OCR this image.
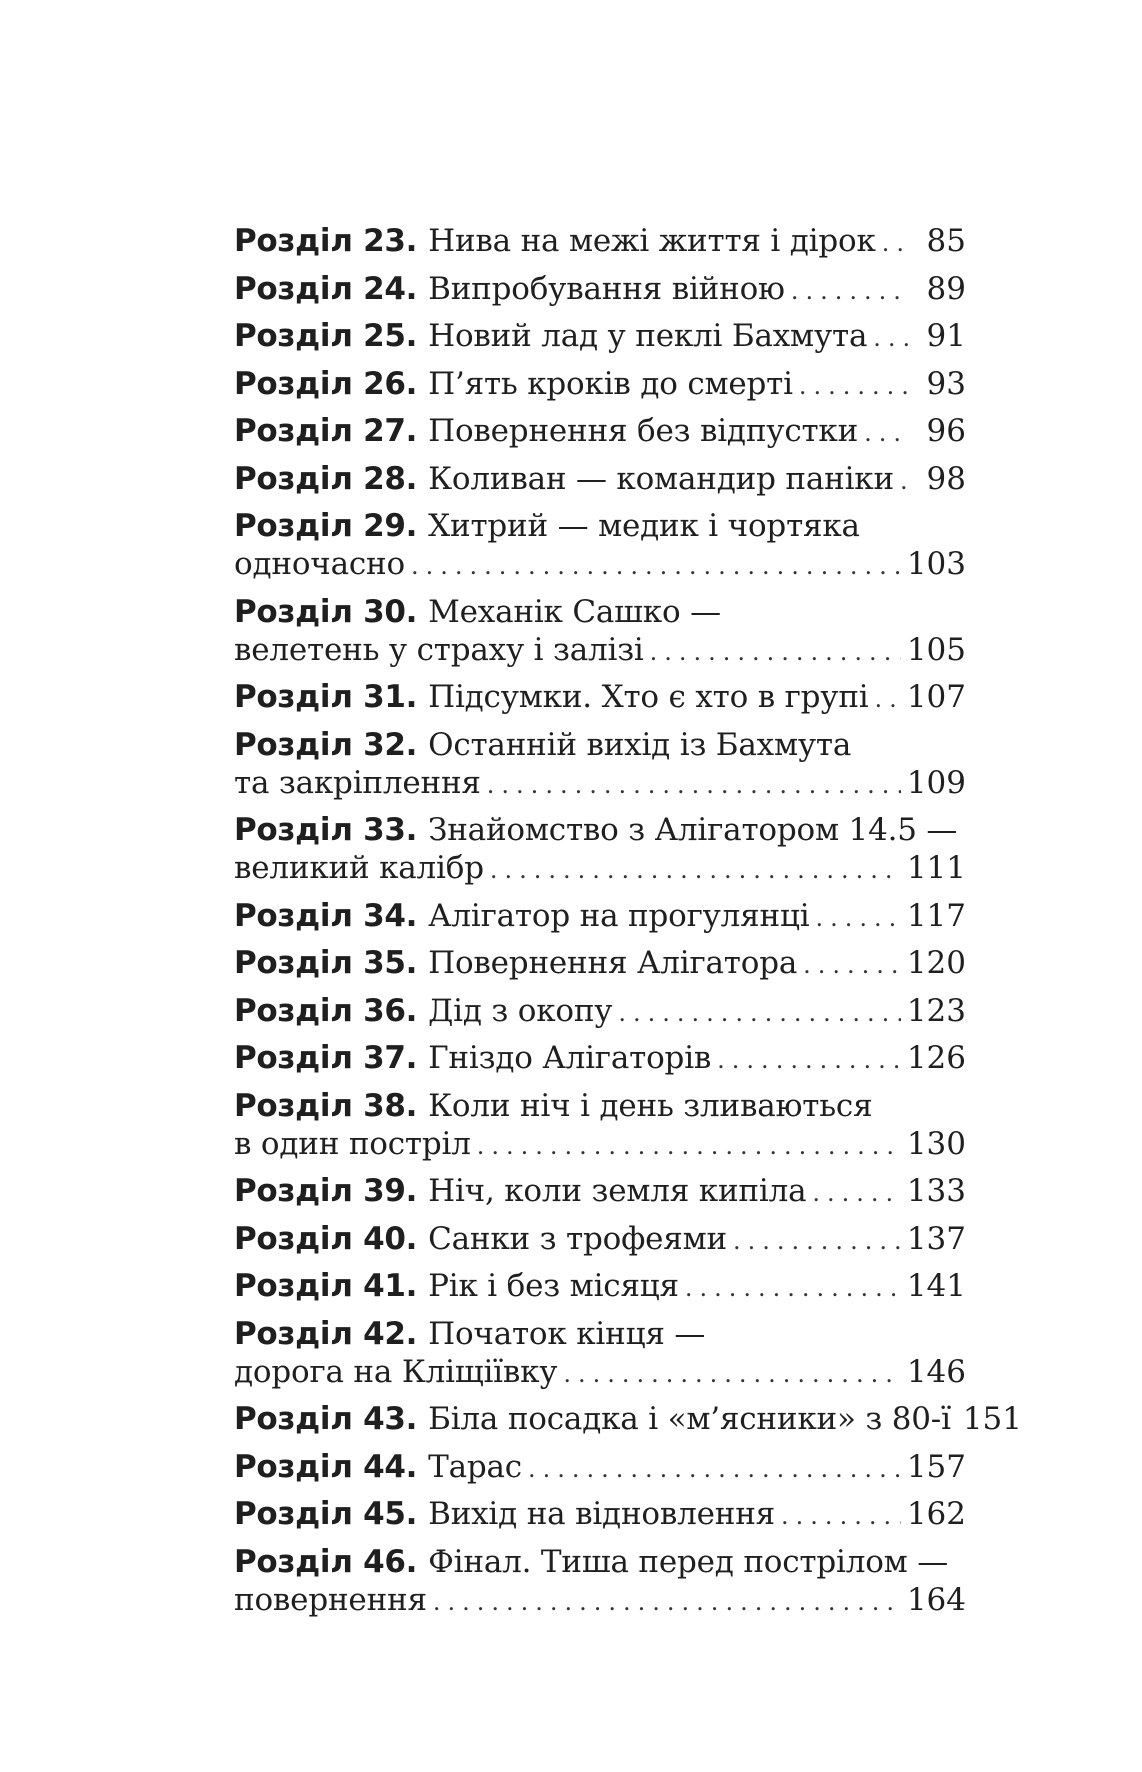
Розділ 23. Нива на межі життя і дірок .....	85
Розділ 24. Випробування війною .....	89
Розділ 25. Новий лад у пеклі Бахмута .....	91
Розділ 26. П’ять кроків до смерті .....	93
Розділ 27. Повернення без відпустки .....	96
Розділ 28. Коливан — командир паніки .....	98
Розділ 29. Хитрий — медик і чортяка
одночасно .....	103
Розділ 30. Механік Сашко —
велетень у страху і залізі .....	105
Розділ 31. Підсумки. Хто є хто в групі ..... 107
Розділ 32. Останній вихід із Бахмута
та закріплення .....	109
Розділ 33. Знайомство з Алігатором 14.5 —
великий калібр .....	111
Розділ 34. Алігатор на прогулянці .....	117
Розділ 35. Повернення Алігатора .....	120
Розділ 36. Дід з окопу .....	123
Розділ 37. Гніздо Алігаторів .....	126
Розділ 38. Коли ніч і день зливаються
в один постріл .....	130
Розділ 39. Ніч, коли земля кипіла .....	133
Розділ 40. Санки з трофеями .....	137
Розділ 41. Рік і без місяця .....	141
Розділ 42. Початок кінця —
дорога на Кліщіївку .....	146
Розділ 43. Біла посадка і «м’ясники» з 80-ї 151
Розділ 44. Тарас .....	157
Розділ 45. Вихід на відновлення .....	162
Розділ 46. Фінал. Тиша перед пострілом —
повернення .....	164
